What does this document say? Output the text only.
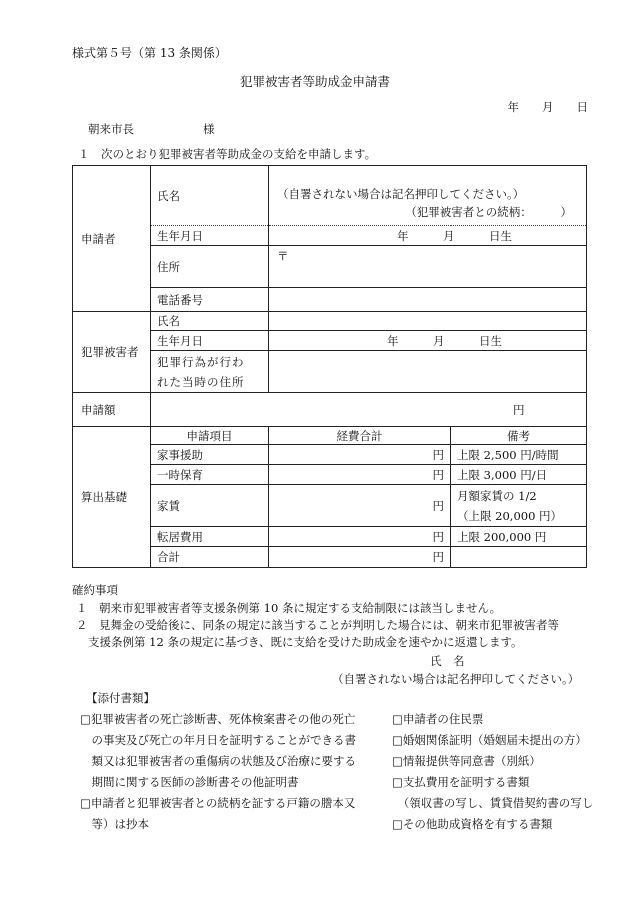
様式第５号（第 13 条関係）
犯罪被害者等助成金申請書
年　　月　　日
朝来市長　　　　　　様
１　次のとおり犯罪被害者等助成金の支給を申請します。
申請者	氏名	（自署されない場合は記名押印してください。）
（犯罪被害者との続柄：　　　）	

	生年月日	年　　　月　　　日生	
	住所	〒	
	電話番号		
犯罪被害者	氏名		
	生年月日	年　　　月　　　日生	

	犯罪行為が行わ
れた当時の住所		

申請額	円		
算出基礎	申請項目	経費合計	備考
	家事援助	円	上限 2,500 円/時間
	一時保育	円	上限 3,000 円/日
	家賃	円	月額家賃の 1/2
（上限 20,000 円）

	転居費用	円	上限 200,000 円
	合計	円	
確約事項
１　朝来市犯罪被害者等支援条例第 10 条に規定する支給制限には該当しません。
２　見舞金の受給後に、同条の規定に該当することが判明した場合には、朝来市犯罪被害者等
支援条例第 12 条の規定に基づき、既に支給を受けた助成金を速やかに返還します。
氏　名
（自署されない場合は記名押印してください。）
【添付書類】
□犯罪被害者の死亡診断書、死体検案書その他の死亡
　の事実及び死亡の年月日を証明することができる書
　類又は犯罪被害者の重傷病の状態及び治療に要する
　期間に関する医師の診断書その他証明書
□申請者と犯罪被害者との続柄を証する戸籍の謄本又
　等）は抄本
□申請者の住民票
□婚姻関係証明（婚姻届未提出の方）
□情報提供等同意書（別紙）
□支払費用を証明する書類
　（領収書の写し、賃貸借契約書の写し
□その他助成資格を有する書類
